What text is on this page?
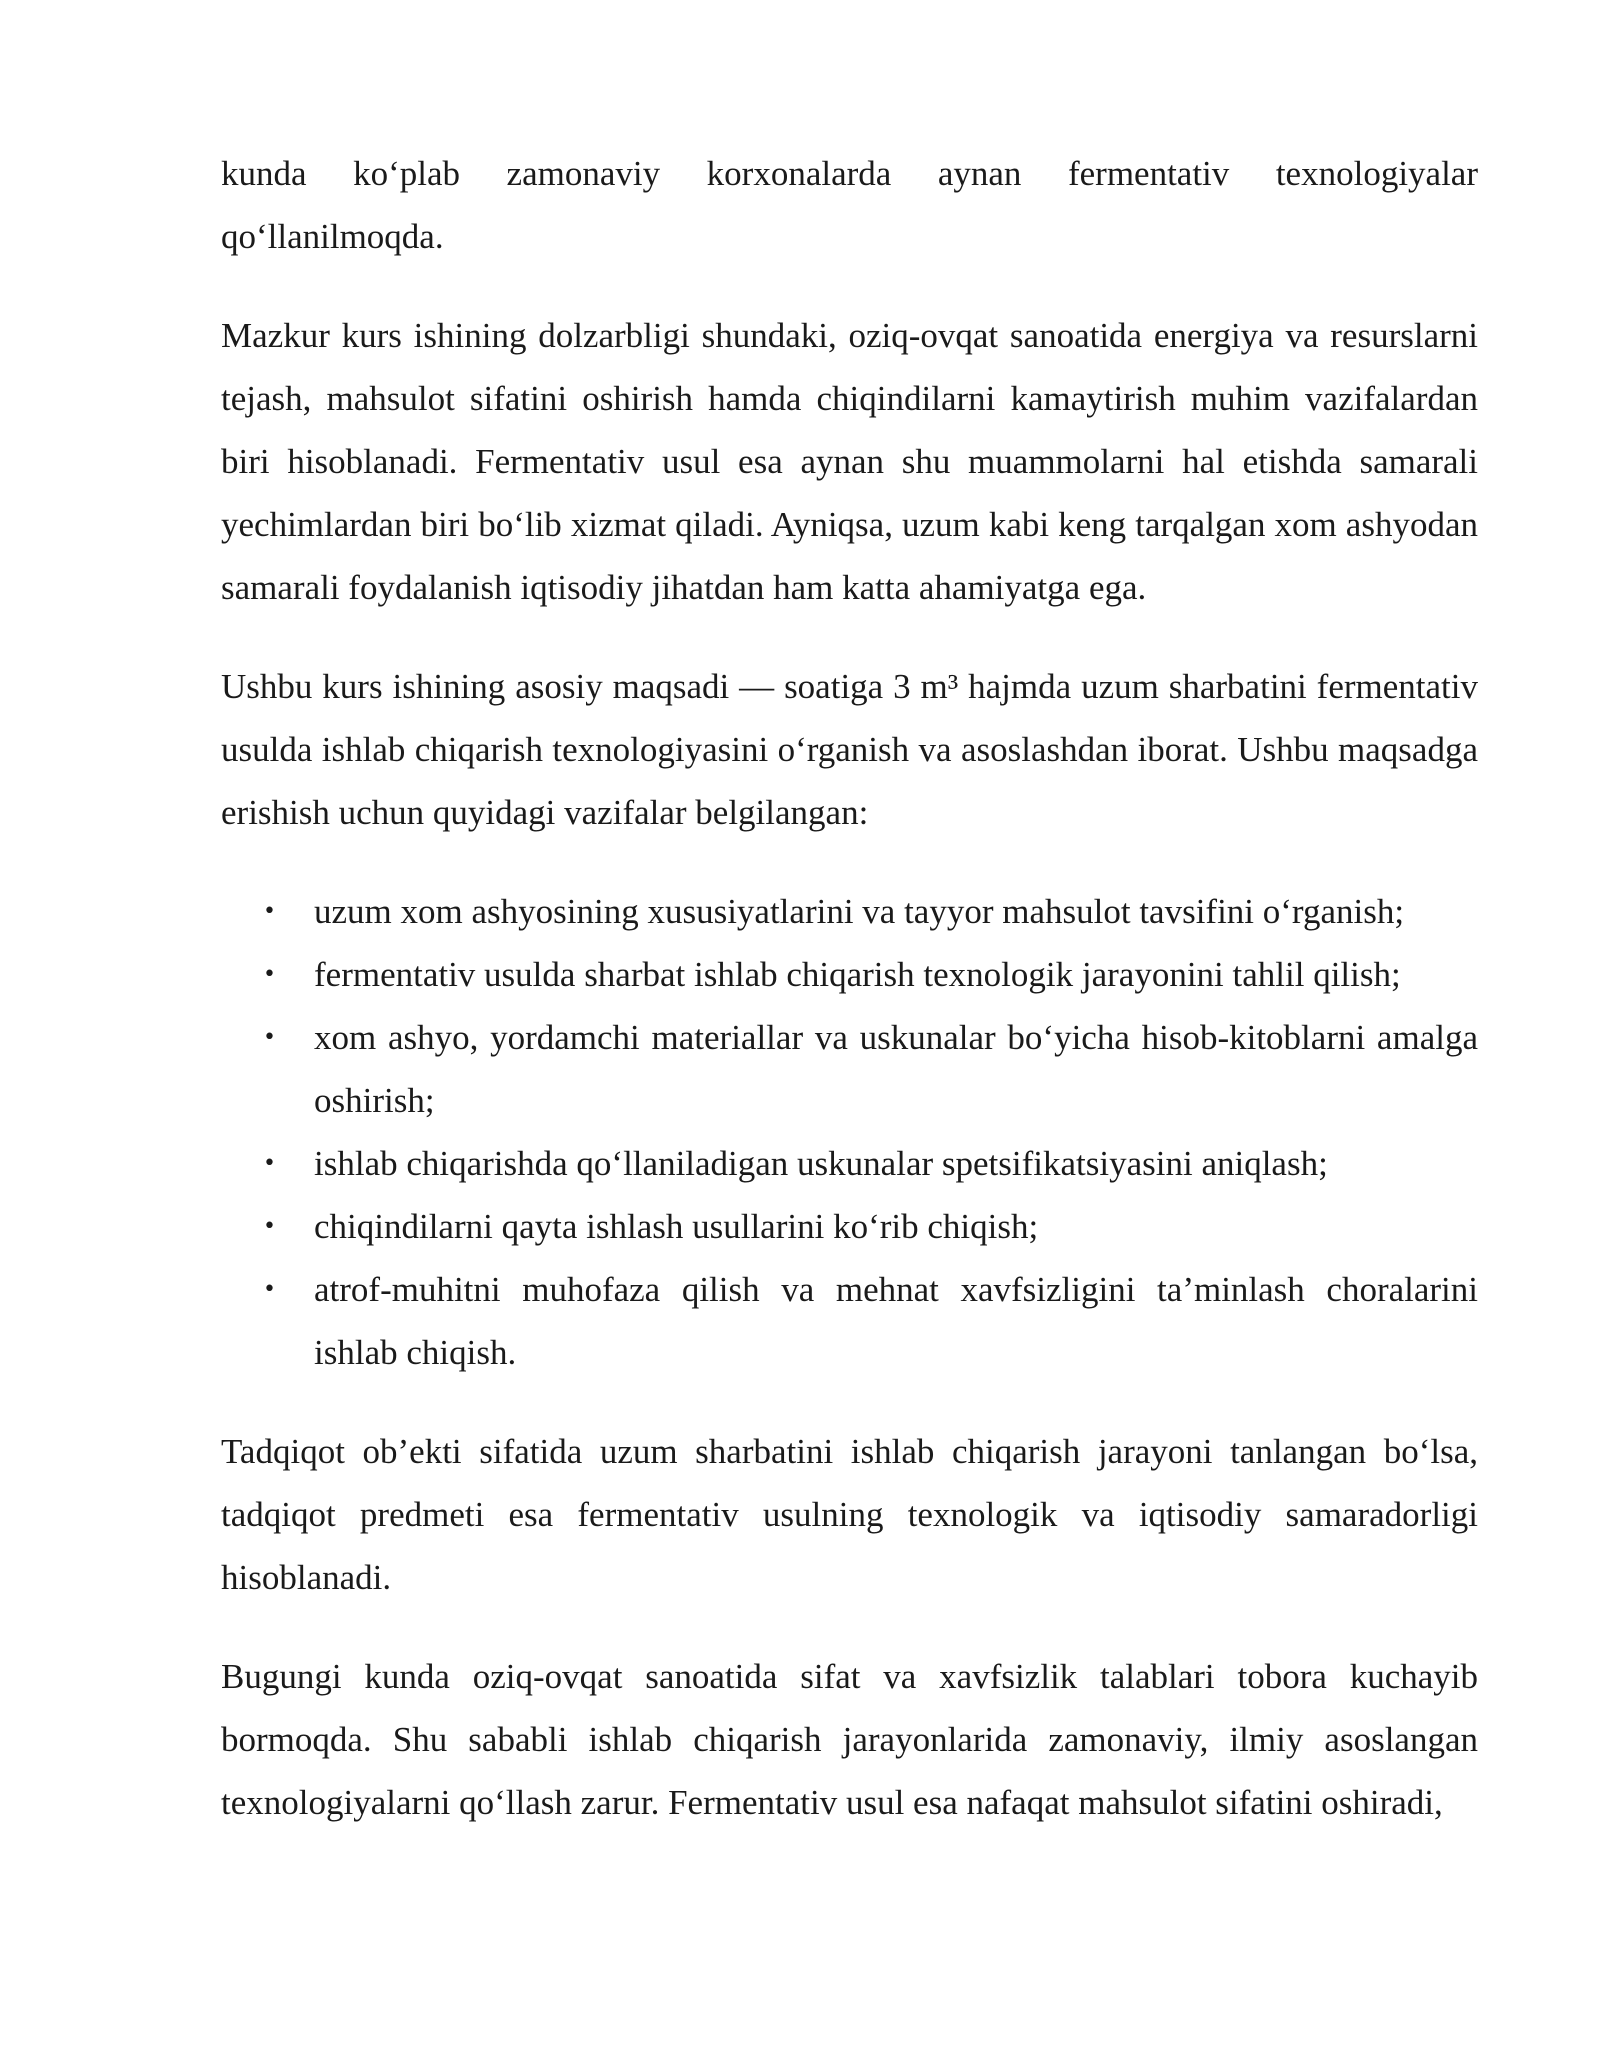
kunda ko‘plab zamonaviy korxonalarda aynan fermentativ texnologiyalar qo‘llanilmoqda.

Mazkur kurs ishining dolzarbligi shundaki, oziq-ovqat sanoatida energiya va resurslarni tejash, mahsulot sifatini oshirish hamda chiqindilarni kamaytirish muhim vazifalardan biri hisoblanadi. Fermentativ usul esa aynan shu muammolarni hal etishda samarali yechimlardan biri bo‘lib xizmat qiladi. Ayniqsa, uzum kabi keng tarqalgan xom ashyodan samarali foydalanish iqtisodiy jihatdan ham katta ahamiyatga ega.

Ushbu kurs ishining asosiy maqsadi — soatiga 3 m³ hajmda uzum sharbatini fermentativ usulda ishlab chiqarish texnologiyasini o‘rganish va asoslashdan iborat. Ushbu maqsadga erishish uchun quyidagi vazifalar belgilangan:

• uzum xom ashyosining xususiyatlarini va tayyor mahsulot tavsifini o‘rganish;
• fermentativ usulda sharbat ishlab chiqarish texnologik jarayonini tahlil qilish;
• xom ashyo, yordamchi materiallar va uskunalar bo‘yicha hisob-kitoblarni amalga oshirish;
• ishlab chiqarishda qo‘llaniladigan uskunalar spetsifikatsiyasini aniqlash;
• chiqindilarni qayta ishlash usullarini ko‘rib chiqish;
• atrof-muhitni muhofaza qilish va mehnat xavfsizligini ta’minlash choralarini ishlab chiqish.

Tadqiqot ob’ekti sifatida uzum sharbatini ishlab chiqarish jarayoni tanlangan bo‘lsa, tadqiqot predmeti esa fermentativ usulning texnologik va iqtisodiy samaradorligi hisoblanadi.

Bugungi kunda oziq-ovqat sanoatida sifat va xavfsizlik talablari tobora kuchayib bormoqda. Shu sababli ishlab chiqarish jarayonlarida zamonaviy, ilmiy asoslangan texnologiyalarni qo‘llash zarur. Fermentativ usul esa nafaqat mahsulot sifatini oshiradi,
